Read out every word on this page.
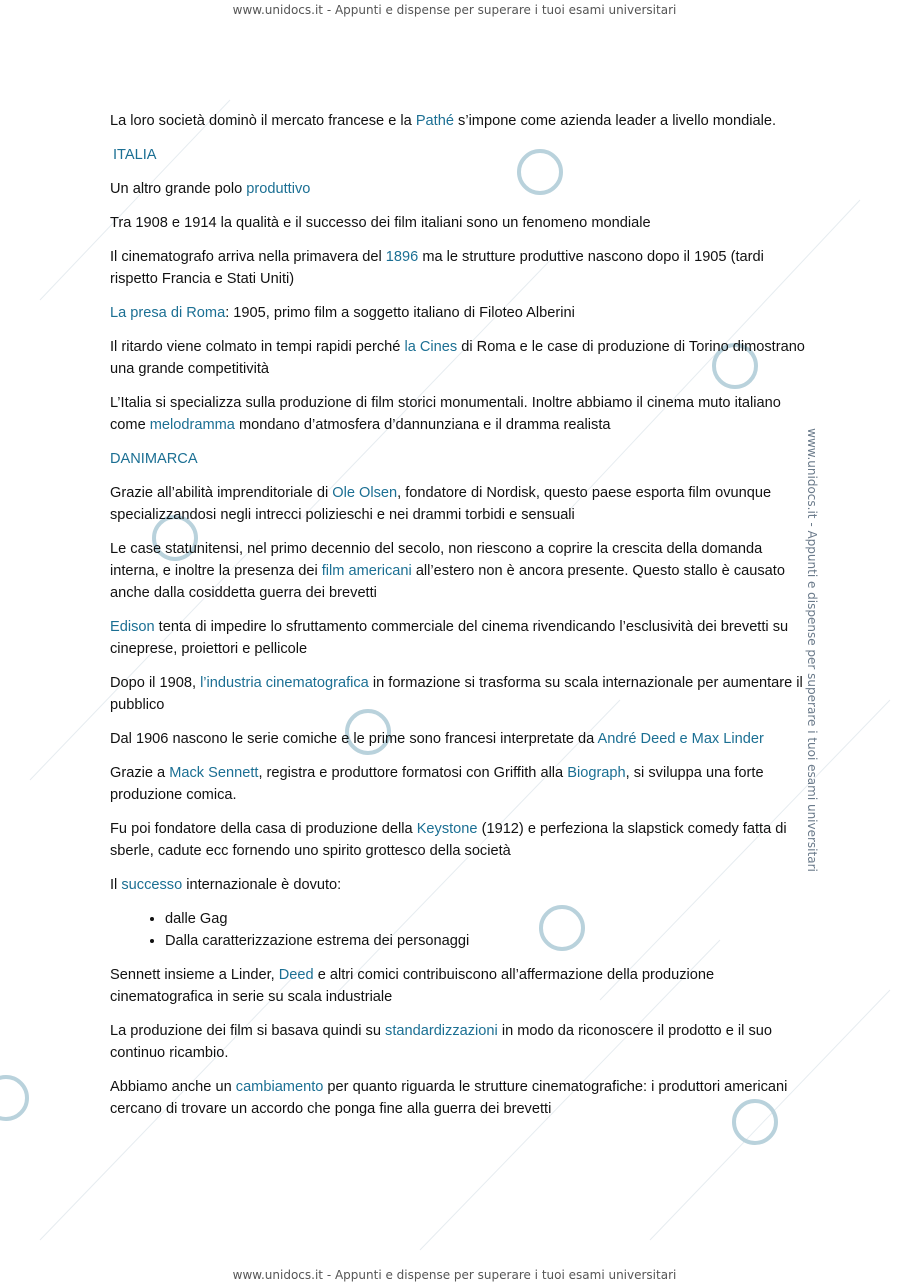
www.unidocs.it - Appunti e dispense per superare i tuoi esami universitari
www.unidocs.it - Appunti e dispense per superare i tuoi esami universitari
www.unidocs.it - Appunti e dispense per superare i tuoi esami universitari

La loro società dominò il mercato francese e la Pathé s’impone come azienda leader a livello mondiale.

ITALIA

Un altro grande polo produttivo

Tra 1908 e 1914 la qualità e il successo dei film italiani sono un fenomeno mondiale

Il cinematografo arriva nella primavera del 1896 ma le strutture produttive nascono dopo il 1905 (tardi rispetto Francia e Stati Uniti)

La presa di Roma: 1905, primo film a soggetto italiano di Filoteo Alberini

Il ritardo viene colmato in tempi rapidi perché la Cines di Roma e le case di produzione di Torino dimostrano una grande competitività

L’Italia si specializza sulla produzione di film storici monumentali. Inoltre abbiamo il cinema muto italiano come melodramma mondano d’atmosfera d’dannunziana e il dramma realista

DANIMARCA

Grazie all’abilità imprenditoriale di Ole Olsen, fondatore di Nordisk, questo paese esporta film ovunque specializzandosi negli intrecci polizieschi e nei drammi torbidi e sensuali

Le case statunitensi, nel primo decennio del secolo, non riescono a coprire la crescita della domanda interna, e inoltre la presenza dei film americani all’estero non è ancora presente. Questo stallo è causato anche dalla cosiddetta guerra dei brevetti

Edison tenta di impedire lo sfruttamento commerciale del cinema rivendicando l’esclusività dei brevetti su cineprese, proiettori e pellicole

Dopo il 1908, l’industria cinematografica in formazione si trasforma su scala internazionale per aumentare il pubblico

Dal 1906 nascono le serie comiche e le prime sono francesi interpretate da André Deed e Max Linder

Grazie a Mack Sennett, registra e produttore formatosi con Griffith alla Biograph, si sviluppa una forte produzione comica.

Fu poi fondatore della casa di produzione della Keystone (1912) e perfeziona la slapstick comedy fatta di sberle, cadute ecc fornendo uno spirito grottesco della società

Il successo internazionale è dovuto:

• dalle Gag
• Dalla caratterizzazione estrema dei personaggi

Sennett insieme a Linder, Deed e altri comici contribuiscono all’affermazione della produzione cinematografica in serie su scala industriale

La produzione dei film si basava quindi su standardizzazioni in modo da riconoscere il prodotto e il suo continuo ricambio.

Abbiamo anche un cambiamento per quanto riguarda le strutture cinematografiche: i produttori americani cercano di trovare un accordo che ponga fine alla guerra dei brevetti
